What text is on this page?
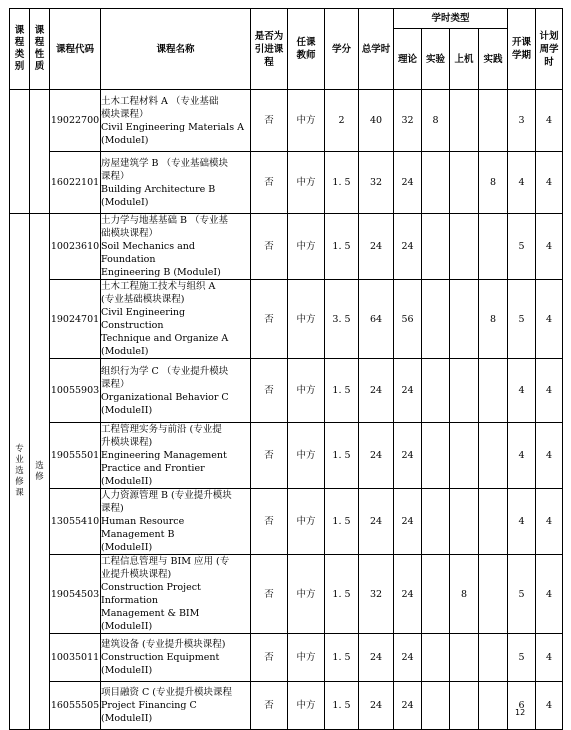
课程类别	课程性质	课程代码	课程名称	是否为引进课程	任课教师	学分	总学时	学时类型				开课学期	计划周学时
								理论	实验	上机	实践		
		19022700	土木工程材料 A （专业基础
模块课程）
Civil Engineering Materials A
(ModuleI)	否	中方	2	40	32	8			3	4
		16022101	房屋建筑学 B （专业基础模块
课程）
Building Architecture B
(ModuleI)	否	中方	1. 5	32	24			8	4	4
专业选修课	选修	10023610	土力学与地基基础 B （专业基
础模块课程）
Soil Mechanics and Foundation
Engineering B (ModuleI)	否	中方	1. 5	24	24				5	4
		19024701	土木工程施工技术与组织 A
(专业基础模块课程)
Civil Engineering Construction
Technique and Organize A
(ModuleI)	否	中方	3. 5	64	56			8	5	4
		10055903	组织行为学 C （专业提升模块
课程）
Organizational Behavior C
(ModuleII)	否	中方	1. 5	24	24				4	4
		19055501	工程管理实务与前沿 (专业提
升模块课程)
Engineering Management
Practice and Frontier (ModuleII)	否	中方	1. 5	24	24				4	4
		13055410	人力资源管理 B (专业提升模块
课程)
Human Resource Management B
(ModuleII)	否	中方	1. 5	24	24				4	4
		19054503	工程信息管理与 BIM 应用 (专
业提升模块课程)
Construction Project Information
Management & BIM (ModuleII)	否	中方	1. 5	32	24		8		5	4
		10035011	建筑设备 (专业提升模块课程)
Construction Equipment
(ModuleII)	否	中方	1. 5	24	24				5	4
		16055505	项目融资 C (专业提升模块课程
Project Financing C (ModuleII)	否	中方	1. 5	24	24				6	4
12
